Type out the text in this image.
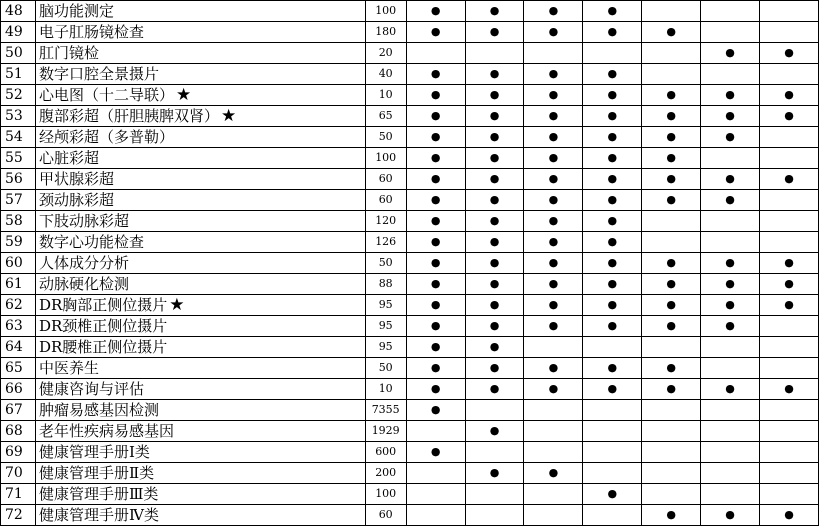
48	脑功能测定	100	●	●	●	●			
49	电子肛肠镜检查	180	●	●	●	●	●		
50	肛门镜检	20						●	●
51	数字口腔全景摄片	40	●	●	●	●			
52	心电图（十二导联） ★	10	●	●	●	●	●	●	●
53	腹部彩超（肝胆胰脾双肾） ★	65	●	●	●	●	●	●	●
54	经颅彩超（多普勒）	50	●	●	●	●	●	●	
55	心脏彩超	100	●	●	●	●	●		
56	甲状腺彩超	60	●	●	●	●	●	●	●
57	颈动脉彩超	60	●	●	●	●	●	●	
58	下肢动脉彩超	120	●	●	●	●			
59	数字心功能检查	126	●	●	●	●			
60	人体成分分析	50	●	●	●	●	●	●	●
61	动脉硬化检测	88	●	●	●	●	●	●	●
62	DR胸部正侧位摄片 ★	95	●	●	●	●	●	●	●
63	DR颈椎正侧位摄片	95	●	●	●	●	●	●	
64	DR腰椎正侧位摄片	95	●	●					
65	中医养生	50	●	●	●	●	●		
66	健康咨询与评估	10	●	●	●	●	●	●	●
67	肿瘤易感基因检测	7355	●						
68	老年性疾病易感基因	1929		●					
69	健康管理手册Ⅰ类	600	●						
70	健康管理手册Ⅱ类	200		●	●				
71	健康管理手册Ⅲ类	100				●			
72	健康管理手册Ⅳ类	60					●	●	●
